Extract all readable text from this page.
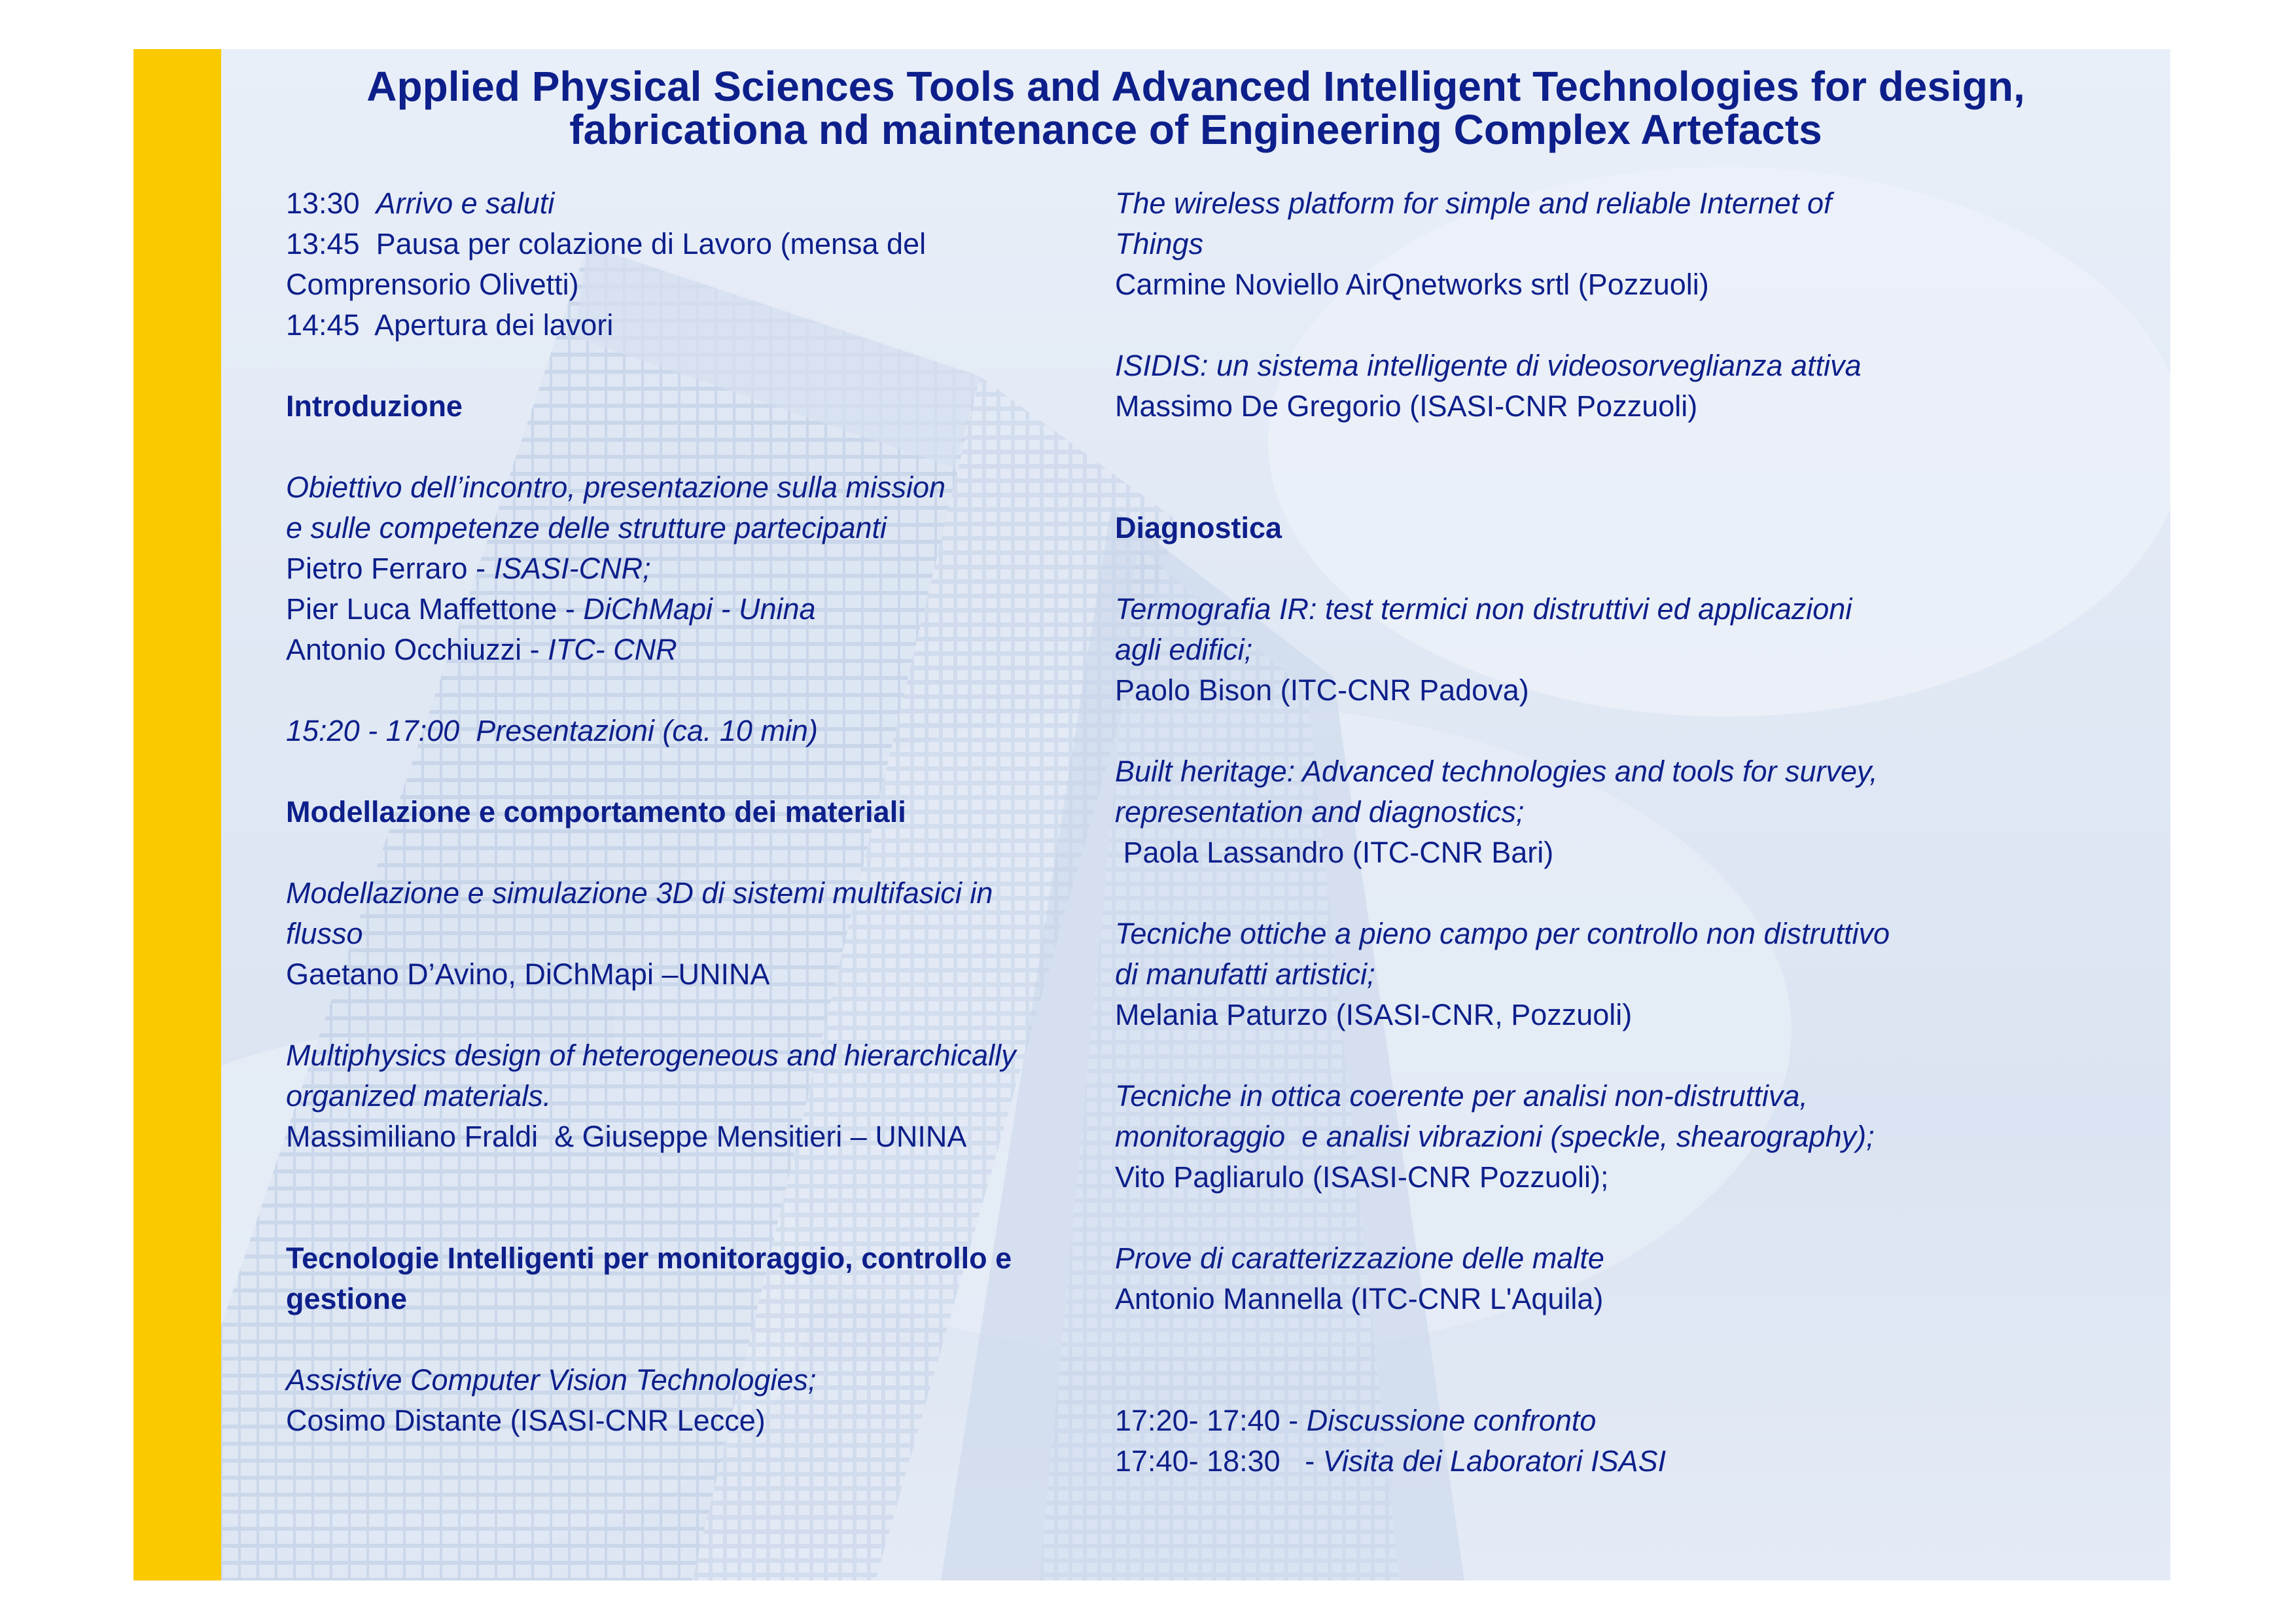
Applied Physical Sciences Tools and Advanced Intelligent Technologies for design,
fabricationa nd maintenance of Engineering Complex Artefacts
13:30  Arrivo e saluti
13:45  Pausa per colazione di Lavoro (mensa del
Comprensorio Olivetti)
14:45  Apertura dei lavori
Introduzione
Obiettivo dell’incontro, presentazione sulla mission
e sulle competenze delle strutture partecipanti
Pietro Ferraro - ISASI-CNR;
Pier Luca Maffettone - DiChMapi - Unina
Antonio Occhiuzzi - ITC- CNR
15:20 - 17:00  Presentazioni (ca. 10 min)
Modellazione e comportamento dei materiali
Modellazione e simulazione 3D di sistemi multifasici in
flusso
Gaetano D’Avino, DiChMapi –UNINA
Multiphysics design of heterogeneous and hierarchically
organized materials.
Massimiliano Fraldi  & Giuseppe Mensitieri – UNINA
Tecnologie Intelligenti per monitoraggio, controllo e
gestione
Assistive Computer Vision Technologies;
Cosimo Distante (ISASI-CNR Lecce)
The wireless platform for simple and reliable Internet of
Things
Carmine Noviello AirQnetworks srtl (Pozzuoli)
ISIDIS: un sistema intelligente di videosorveglianza attiva
Massimo De Gregorio (ISASI-CNR Pozzuoli)
Diagnostica
Termografia IR: test termici non distruttivi ed applicazioni
agli edifici;
Paolo Bison (ITC-CNR Padova)
Built heritage: Advanced technologies and tools for survey,
representation and diagnostics;
Paola Lassandro (ITC-CNR Bari)
Tecniche ottiche a pieno campo per controllo non distruttivo
di manufatti artistici;
Melania Paturzo (ISASI-CNR, Pozzuoli)
Tecniche in ottica coerente per analisi non-distruttiva,
monitoraggio  e analisi vibrazioni (speckle, shearography);
Vito Pagliarulo (ISASI-CNR Pozzuoli);
Prove di caratterizzazione delle malte
Antonio Mannella (ITC-CNR L'Aquila)
17:20- 17:40 - Discussione confronto
17:40- 18:30   - Visita dei Laboratori ISASI
